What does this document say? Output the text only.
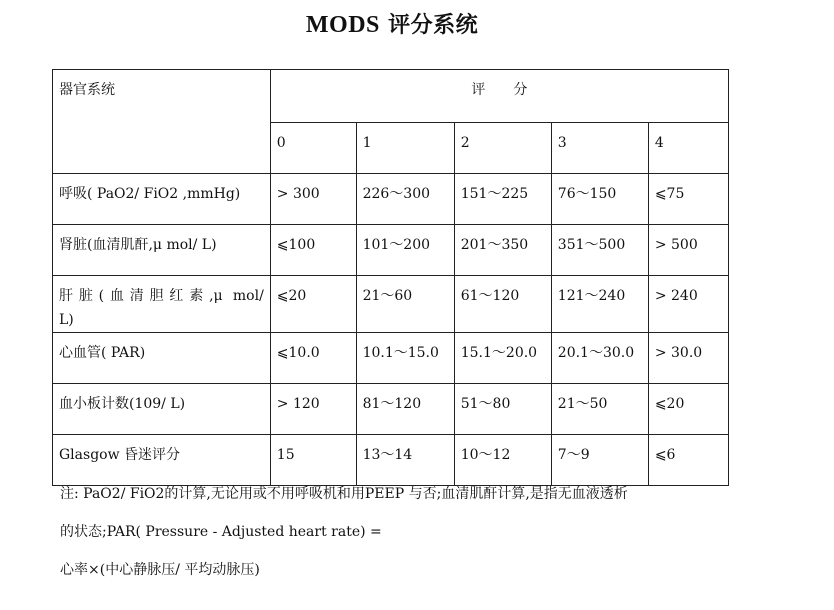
MODS 评分系统
器官系统	评　　分				
	0	1	2	3	4
呼吸( PaO2/ FiO2 ,mmHg)	> 300	226～300	151～225	76～150	⩽75
肾脏(血清肌酐,μ mol/ L)	⩽100	101～200	201～350	351～500	> 500

肝脏(血清胆红素,μ mol/
L)	⩽20	21～60	61～120	121～240	> 240
心血管( PAR)	⩽10.0	10.1～15.0	15.1～20.0	20.1～30.0	> 30.0
血小板计数(109/ L)	> 120	81～120	51～80	21～50	⩽20
Glasgow 昏迷评分	15	13～14	10～12	7～9	⩽6
注: PaO2/ FiO2的计算,无论用或不用呼吸机和用PEEP 与否;血清肌酐计算,是指无血液透析
的状态;PAR( Pressure - Adjusted heart rate) =
心率×(中心静脉压/ 平均动脉压)
